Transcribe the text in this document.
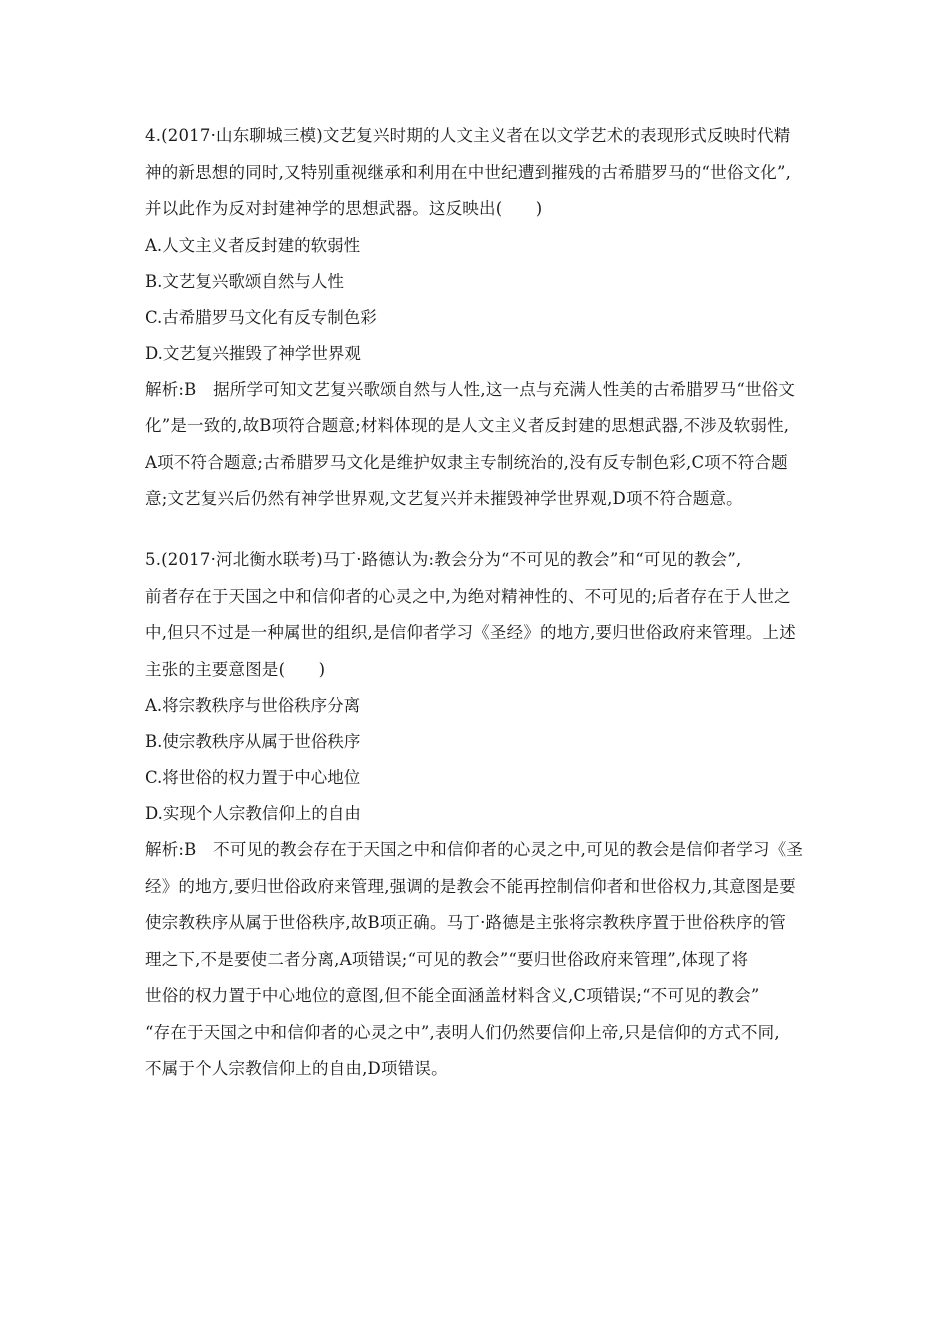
4.(2017·山东聊城三模)文艺复兴时期的人文主义者在以文学艺术的表现形式反映时代精
神的新思想的同时,又特别重视继承和利用在中世纪遭到摧残的古希腊罗马的“世俗文化”,
并以此作为反对封建神学的思想武器。这反映出(　　)
A.人文主义者反封建的软弱性
B.文艺复兴歌颂自然与人性
C.古希腊罗马文化有反专制色彩
D.文艺复兴摧毁了神学世界观
解析:B　据所学可知文艺复兴歌颂自然与人性,这一点与充满人性美的古希腊罗马“世俗文
化”是一致的,故B项符合题意;材料体现的是人文主义者反封建的思想武器,不涉及软弱性,
A项不符合题意;古希腊罗马文化是维护奴隶主专制统治的,没有反专制色彩,C项不符合题
意;文艺复兴后仍然有神学世界观,文艺复兴并未摧毁神学世界观,D项不符合题意。
5.(2017·河北衡水联考)马丁·路德认为:教会分为“不可见的教会”和“可见的教会”,
前者存在于天国之中和信仰者的心灵之中,为绝对精神性的、不可见的;后者存在于人世之
中,但只不过是一种属世的组织,是信仰者学习《圣经》的地方,要归世俗政府来管理。上述
主张的主要意图是(　　)
A.将宗教秩序与世俗秩序分离
B.使宗教秩序从属于世俗秩序
C.将世俗的权力置于中心地位
D.实现个人宗教信仰上的自由
解析:B　不可见的教会存在于天国之中和信仰者的心灵之中,可见的教会是信仰者学习《圣
经》的地方,要归世俗政府来管理,强调的是教会不能再控制信仰者和世俗权力,其意图是要
使宗教秩序从属于世俗秩序,故B项正确。马丁·路德是主张将宗教秩序置于世俗秩序的管
理之下,不是要使二者分离,A项错误;“可见的教会”“要归世俗政府来管理”,体现了将
世俗的权力置于中心地位的意图,但不能全面涵盖材料含义,C项错误;“不可见的教会”
“存在于天国之中和信仰者的心灵之中”,表明人们仍然要信仰上帝,只是信仰的方式不同,
不属于个人宗教信仰上的自由,D项错误。
